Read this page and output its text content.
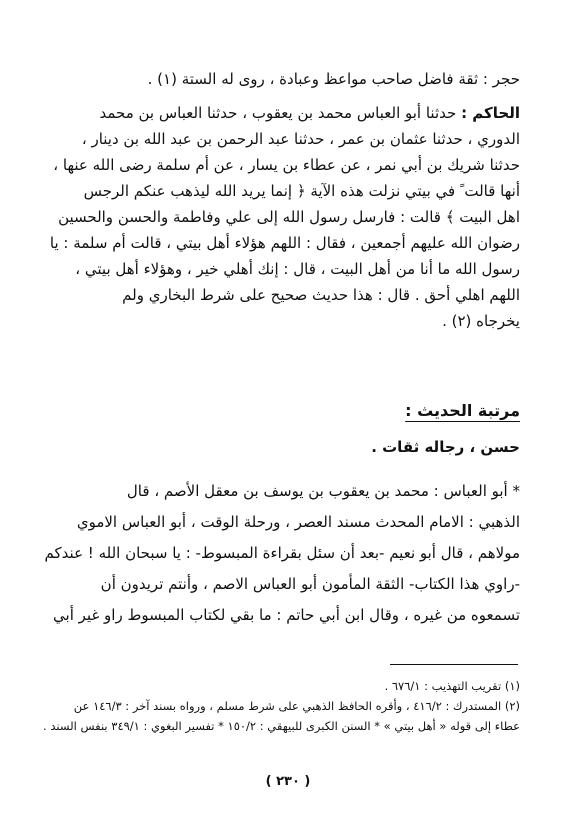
حجر : ثقة فاضل صاحب مواعظ وعبادة ، روى له الستة (١) .
الحاكم : حدثنا أبو العباس محمد بن يعقوب ، حدثنا العباس بن محمد
الدوري ، حدثنا عثمان بن عمر ، حدثنا عبد الرحمن بن عبد الله بن دينار ،
حدثنا شريك بن أبي نمر ، عن عطاء بن يسار ، عن أم سلمة رضى الله عنها ،
أنها قالت ً في بيتي نزلت هذه الآية ﴿ إنما يريد الله ليذهب عنكم الرجس
اهل البيت ﴾ قالت : فارسل رسول الله إلى علي وفاطمة والحسن والحسين
رضوان الله عليهم أجمعين ، فقال : اللهم هؤلاء أهل بيتي ، قالت أم سلمة : يا
رسول الله ما أنا من أهل البيت ، قال : إنك أهلي خير ، وهؤلاء أهل بيتي ،
اللهم اهلي أحق . قال : هذا حديث صحيح على شرط البخاري ولم
يخرجاه (٢) .
مرتبة الحديث :
حسن ، رجاله ثقات .
* أبو العباس : محمد بن يعقوب بن يوسف بن معقل الأصم ، قال
الذهبي : الامام المحدث مسند العصر ، ورحلة الوقت ، أبو العباس الاموي
مولاهم ، قال أبو نعيم -بعد أن سئل بقراءة المبسوط- : يا سبحان الله ! عندكم
-راوي هذا الكتاب- الثقة المأمون أبو العباس الاصم ، وأنتم تريدون أن
تسمعوه من غيره ، وقال ابن أبي حاتم : ما بقي لكتاب المبسوط راو غير أبي
(١) تقريب التهذيب : ٦٧٦/١ .
(٢) المستدرك : ٤١٦/٢ ، وأقره الحافظ الذهبي على شرط مسلم ، ورواه بسند آخر : ١٤٦/٣ عن
عطاء إلى قوله « أهل بيتي » * السنن الكبرى للبيهقي : ١٥٠/٢ * تفسير البغوي : ٣٤٩/١ بنفس السند .
( ٢٣٠ )
